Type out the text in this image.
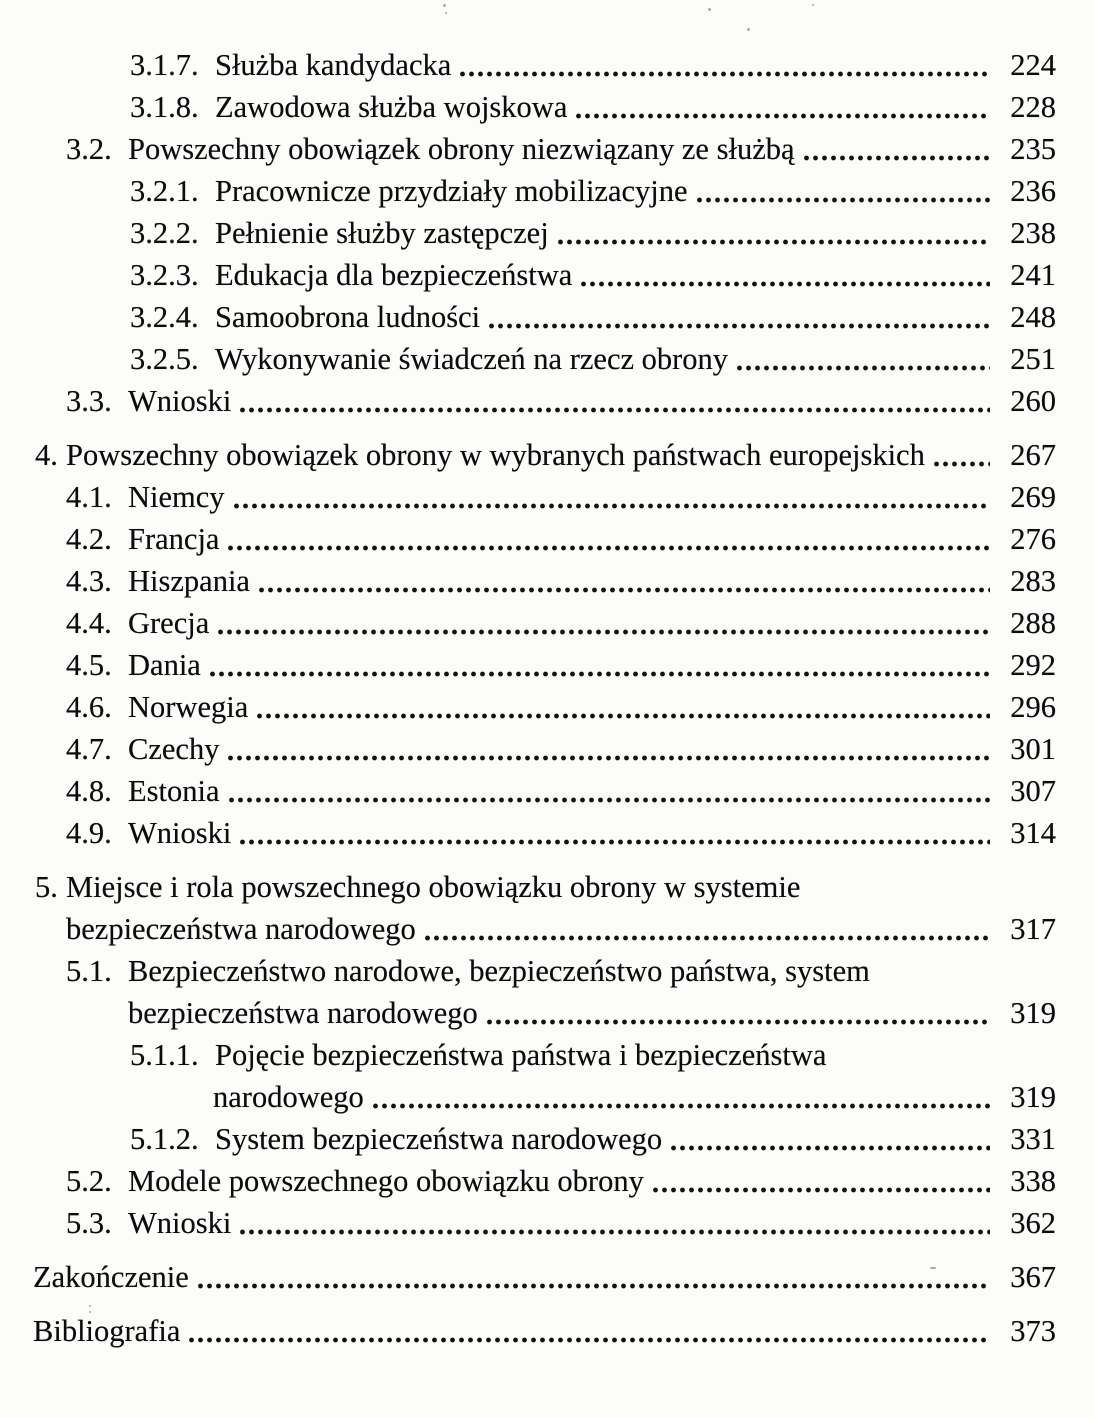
3.1.7. Służba kandydacka	224
3.1.8. Zawodowa służba wojskowa	228
3.2. Powszechny obowiązek obrony niezwiązany ze służbą	235
3.2.1. Pracownicze przydziały mobilizacyjne	236
3.2.2. Pełnienie służby zastępczej	238
3.2.3. Edukacja dla bezpieczeństwa	241
3.2.4. Samoobrona ludności	248
3.2.5. Wykonywanie świadczeń na rzecz obrony	251
3.3. Wnioski	260
4. Powszechny obowiązek obrony w wybranych państwach europejskich	267
4.1. Niemcy	269
4.2. Francja	276
4.3. Hiszpania	283
4.4. Grecja	288
4.5. Dania	292
4.6. Norwegia	296
4.7. Czechy	301
4.8. Estonia	307
4.9. Wnioski	314
5. Miejsce i rola powszechnego obowiązku obrony w systemie
bezpieczeństwa narodowego	317
5.1. Bezpieczeństwo narodowe, bezpieczeństwo państwa, system
bezpieczeństwa narodowego	319
5.1.1. Pojęcie bezpieczeństwa państwa i bezpieczeństwa
narodowego	319
5.1.2. System bezpieczeństwa narodowego	331
5.2. Modele powszechnego obowiązku obrony	338
5.3. Wnioski	362
Zakończenie	367
Bibliografia	373
